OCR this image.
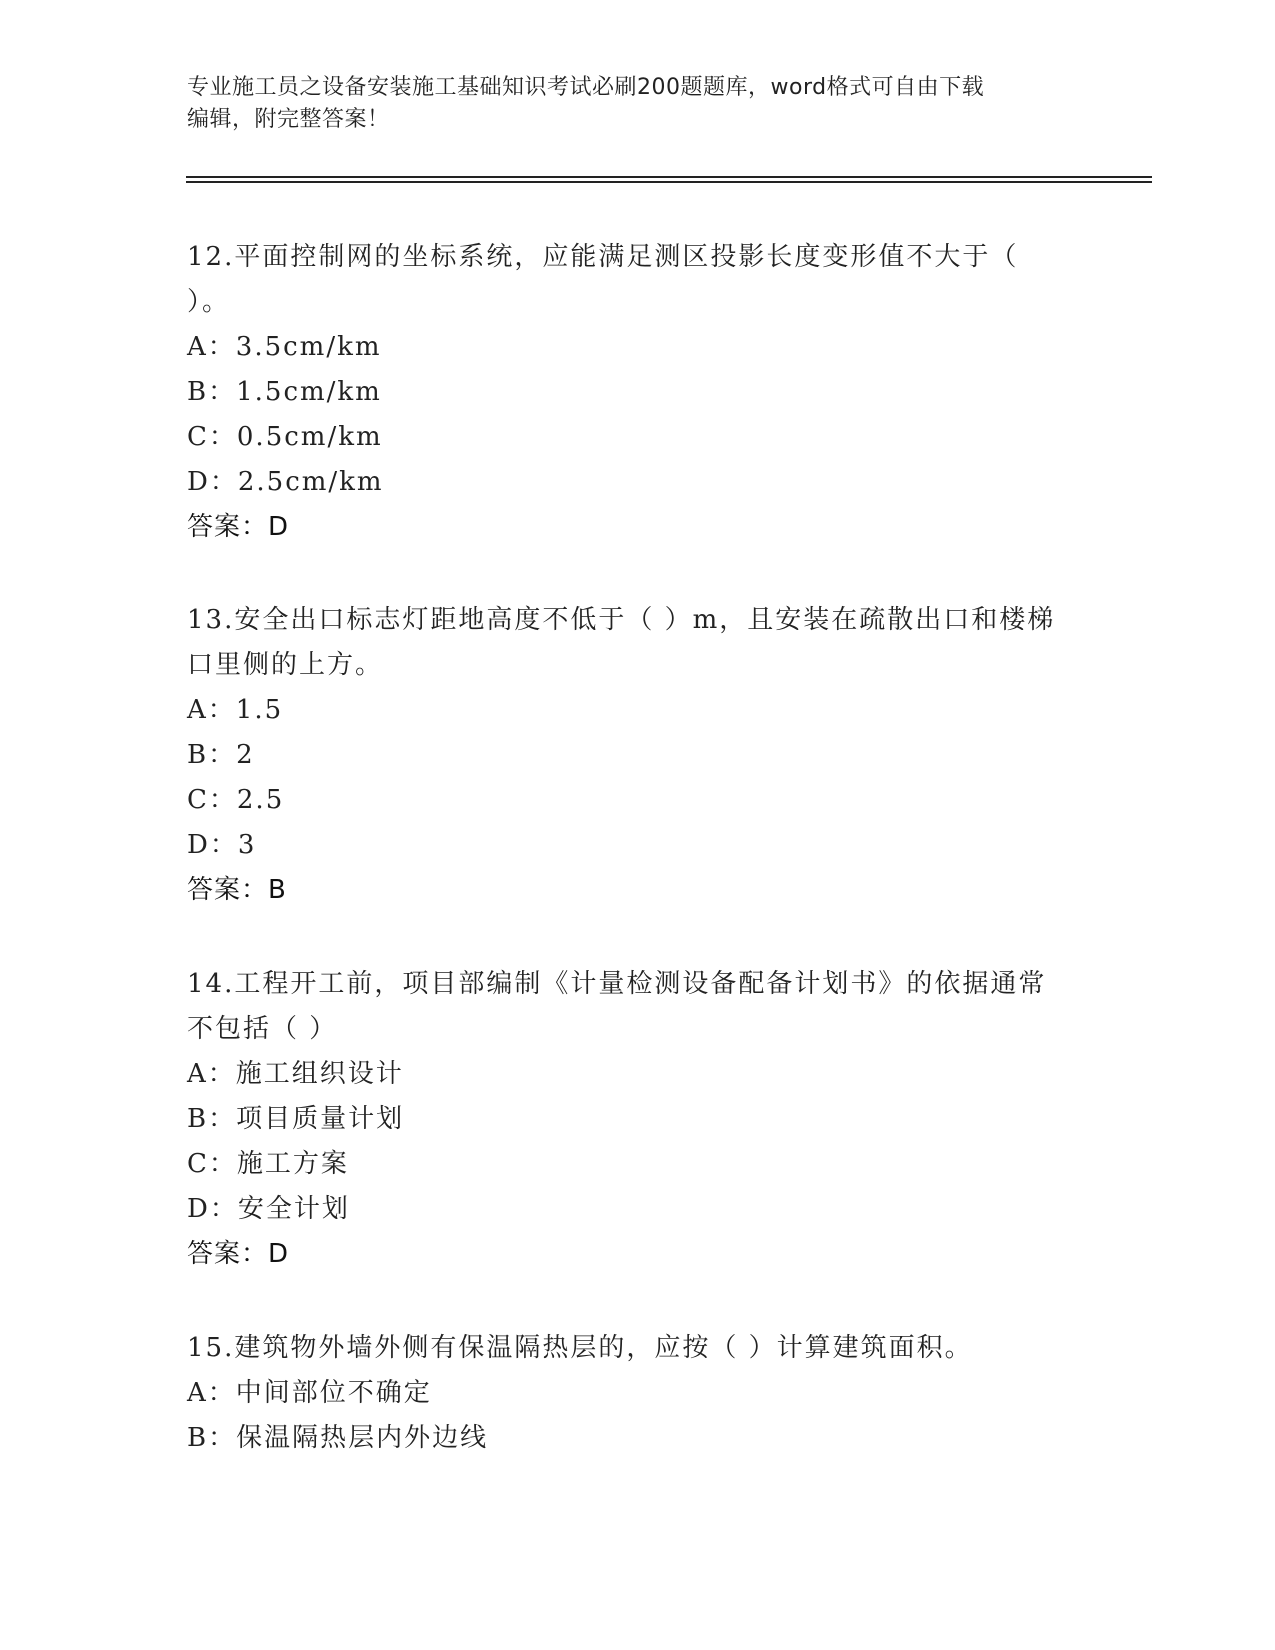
专业施工员之设备安装施工基础知识考试必刷200题题库，word格式可自由下载
编辑，附完整答案！

12.平面控制网的坐标系统，应能满足测区投影长度变形值不大于（

）。

A：3.5cm/km

B：1.5cm/km

C：0.5cm/km

D：2.5cm/km

答案：D

13.安全出口标志灯距地高度不低于（ ）m，且安装在疏散出口和楼梯

口里侧的上方。

A：1.5

B：2

C：2.5

D：3

答案：B

14.工程开工前，项目部编制《计量检测设备配备计划书》的依据通常

不包括（ ）

A：施工组织设计

B：项目质量计划

C：施工方案

D：安全计划

答案：D

15.建筑物外墙外侧有保温隔热层的，应按（ ）计算建筑面积。

A：中间部位不确定

B：保温隔热层内外边线
